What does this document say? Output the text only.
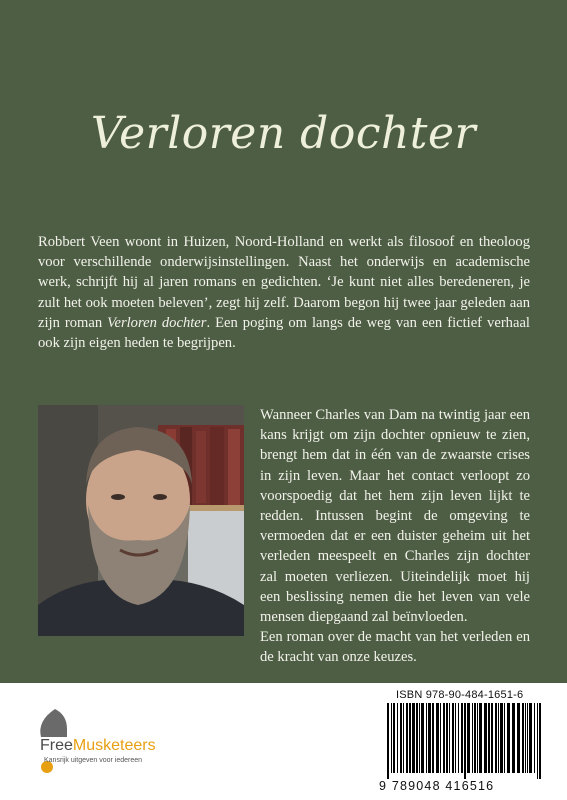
Verloren dochter
Robbert Veen woont in Huizen, Noord-Holland en werkt als filosoof en theoloog voor verschillende onderwijsinstellingen. Naast het onderwijs en academische werk, schrijft hij al jaren romans en gedichten. ‘Je kunt niet alles beredeneren, je zult het ook moeten beleven’, zegt hij zelf. Daarom begon hij twee jaar geleden aan zijn roman Verloren dochter. Een poging om langs de weg van een fictief verhaal ook zijn eigen heden te begrijpen.

Wanneer Charles van Dam na twintig jaar een kans krijgt om zijn dochter opnieuw te zien, brengt hem dat in één van de zwaarste crises in zijn leven. Maar het contact verloopt zo voorspoedig dat het hem zijn leven lijkt te redden. Intussen begint de omgeving te vermoeden dat er een duister geheim uit het verleden meespeelt en Charles zijn dochter zal moeten verliezen. Uiteindelijk moet hij een beslissing nemen die het leven van vele mensen diepgaand zal beïnvloeden.

Een roman over de macht van het verleden en de kracht van onze keuzes.

FreeMusketeers
Kansrijk uitgeven voor iedereen
ISBN 978-90-484-1651-6
9 789048 416516
